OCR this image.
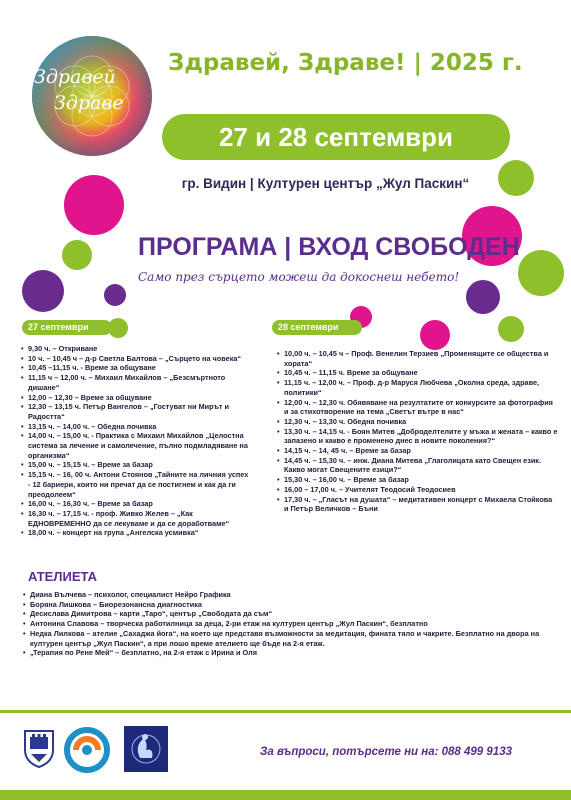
Здравей
Здраве
Здравей, Здраве! | 2025 г.
27 и 28 септември
гр. Видин | Културен център „Жул Паскин“
ПРОГРАМА | ВХОД СВОБОДЕН
Само през сърцето можеш да докоснеш небето!
27 септември
• 9,30 ч. – Откриване
• 10 ч. – 10,45 ч – д-р Светла Балтова – „Сърцето на човека“
• 10,45 –11,15 ч. - Време за общуване
• 11,15 ч – 12,00 ч. – Михаил Михайлов – „Безсмъртното дишане“
• 12,00 – 12,30 – Време за общуване
• 12,30 – 13,15 ч. Петър Вангелов – „Гостуват ни Мирът и Радостта“
• 13,15 ч. – 14,00 ч. – Обедна почивка
• 14,00 ч. – 15,00 ч. - Практика с Михаил Михайлов „Целостна система за лечение и самолечение, пълно подмладяване на организма“
• 15,00 ч. – 15,15 ч. – Време за базар
• 15,15 ч. – 16, 00 ч. Антони Стоянов „Тайните на личния успех - 12 бариери, които ни пречат да се постигнем и как да ги преодолеем“
• 16,00 ч. – 16,30 ч. – Време за базар
• 16,30 ч. – 17,15 ч. - проф. Живко Желев – „Как ЕДНОВРЕМЕННО да се лекуваме и да се доработваме“
• 18,00 ч. – концерт на група „Ангелска усмивка“
28 септември
• 10,00 ч. – 10,45 ч – Проф. Венелин Терзиев „Променящите се общества и хората“
• 10,45 ч. – 11,15 ч. Време за общуване
• 11,15 ч. – 12,00 ч. – Проф. д-р Маруся Любчева „Околна среда, здраве, политики“
• 12,00 ч. – 12,30 ч. Обявяване на резултатите от конкурсите за фотография и за стихотворение на тема „Светът вътре в нас“
• 12,30 ч. – 13,30 ч. Обедна почивка
• 13,30 ч. – 14,15 ч. - Боян Митев „Доброделтелите у мъжа и жената – какво е запазено и какво е променено днес в новите поколения?“
• 14,15 ч. – 14, 45 ч. – Време за базар
• 14,45 ч. – 15,30 ч. – инж. Диана Митева „Глаголицата като Свещен език. Какво могат Свещените езици?“
• 15,30 ч. – 16,00 ч. – Време за базар
• 16,00 – 17,00 ч. – Учителят Теодосий Теодосиев
• 17,30 ч. – „Гласът на душата“ – медитативен концерт с Михаела Стойкова и Петър Величков – Бъни
АТЕЛИЕТА
• Диана Вълчева – психолог, специалист Нейро Графика
• Боряна Лишкова – Биорезонансна диагностика
• Десислава Димитрова – карти „Таро“, център „Свободата да съм“
• Антонина Славова – творческа работилница за деца, 2-ри етаж на културен център „Жул Паскин“, безплатно
• Недка Лилкова – ателие „Сахаджа йога“, на което ще представя възможности за медитация, фината тяло и чакрите. Безплатно на двора на културен център „Жул Паскин“, а при лошо време ателието ще бъде на 2-я етаж.
• „Терапия по Рене Мей“ – безплатно, на 2-я етаж с Ирина и Оля
За въпроси, потърсете ни на: 088 499 9133
